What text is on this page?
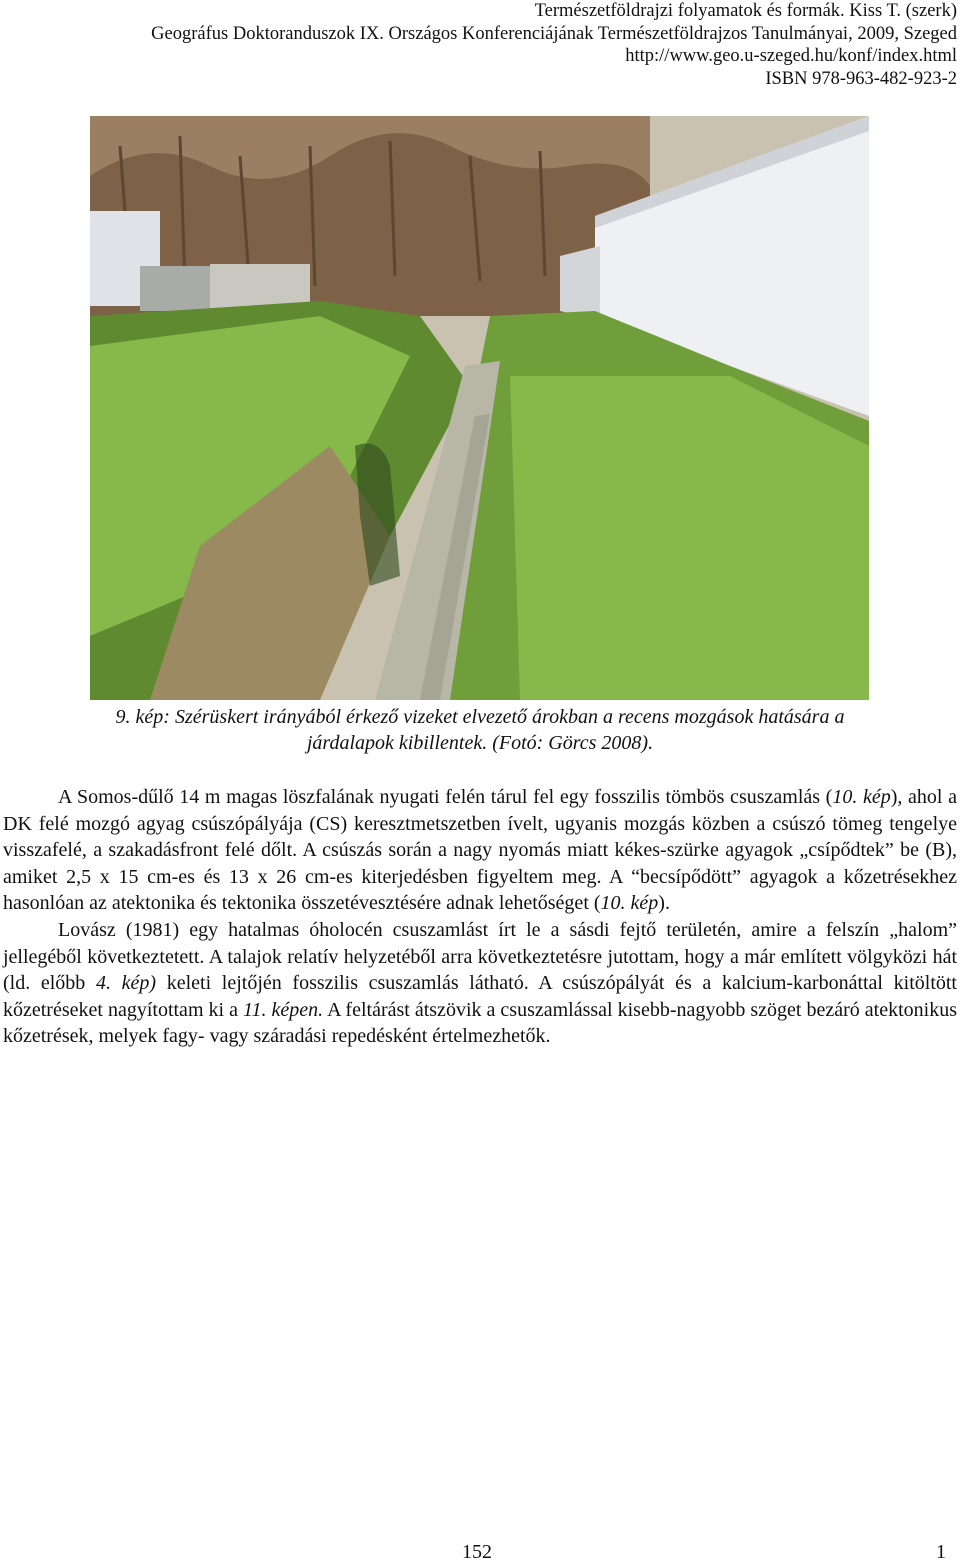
Természetföldrajzi folyamatok és formák. Kiss T. (szerk)
Geográfus Doktoranduszok IX. Országos Konferenciájának Természetföldrajzos Tanulmányai, 2009, Szeged
http://www.geo.u-szeged.hu/konf/index.html
ISBN 978-963-482-923-2
9. kép: Szérüskert irányából érkező vizeket elvezető árokban a recens mozgások hatására a
járdalapok kibillentek. (Fotó: Görcs 2008).

A Somos-dűlő 14 m magas löszfalának nyugati felén tárul fel egy fosszilis tömbös csuszamlás (10. kép), ahol a DK felé mozgó agyag csúszópályája (CS) keresztmetszetben ívelt, ugyanis mozgás közben a csúszó tömeg tengelye visszafelé, a szakadásfront felé dőlt. A csúszás során a nagy nyomás miatt kékes-szürke agyagok „csípődtek” be (B), amiket 2,5 x 15 cm-es és 13 x 26 cm-es kiterjedésben figyeltem meg. A “becsípődött” agyagok a kőzetrésekhez hasonlóan az atektonika és tektonika összetévesztésére adnak lehetőséget (10. kép).

Lovász (1981) egy hatalmas óholocén csuszamlást írt le a sásdi fejtő területén, amire a felszín „halom” jellegéből következtetett. A talajok relatív helyzetéből arra következtetésre jutottam, hogy a már említett völgyközi hát (ld. előbb 4. kép) keleti lejtőjén fosszilis csuszamlás látható. A csúszópályát és a kalcium-karbonáttal kitöltött kőzetréseket nagyítottam ki a 11. képen. A feltárást átszövik a csuszamlással kisebb-nagyobb szöget bezáró atektonikus kőzetrések, melyek fagy- vagy száradási repedésként értelmezhetők.

152	1
